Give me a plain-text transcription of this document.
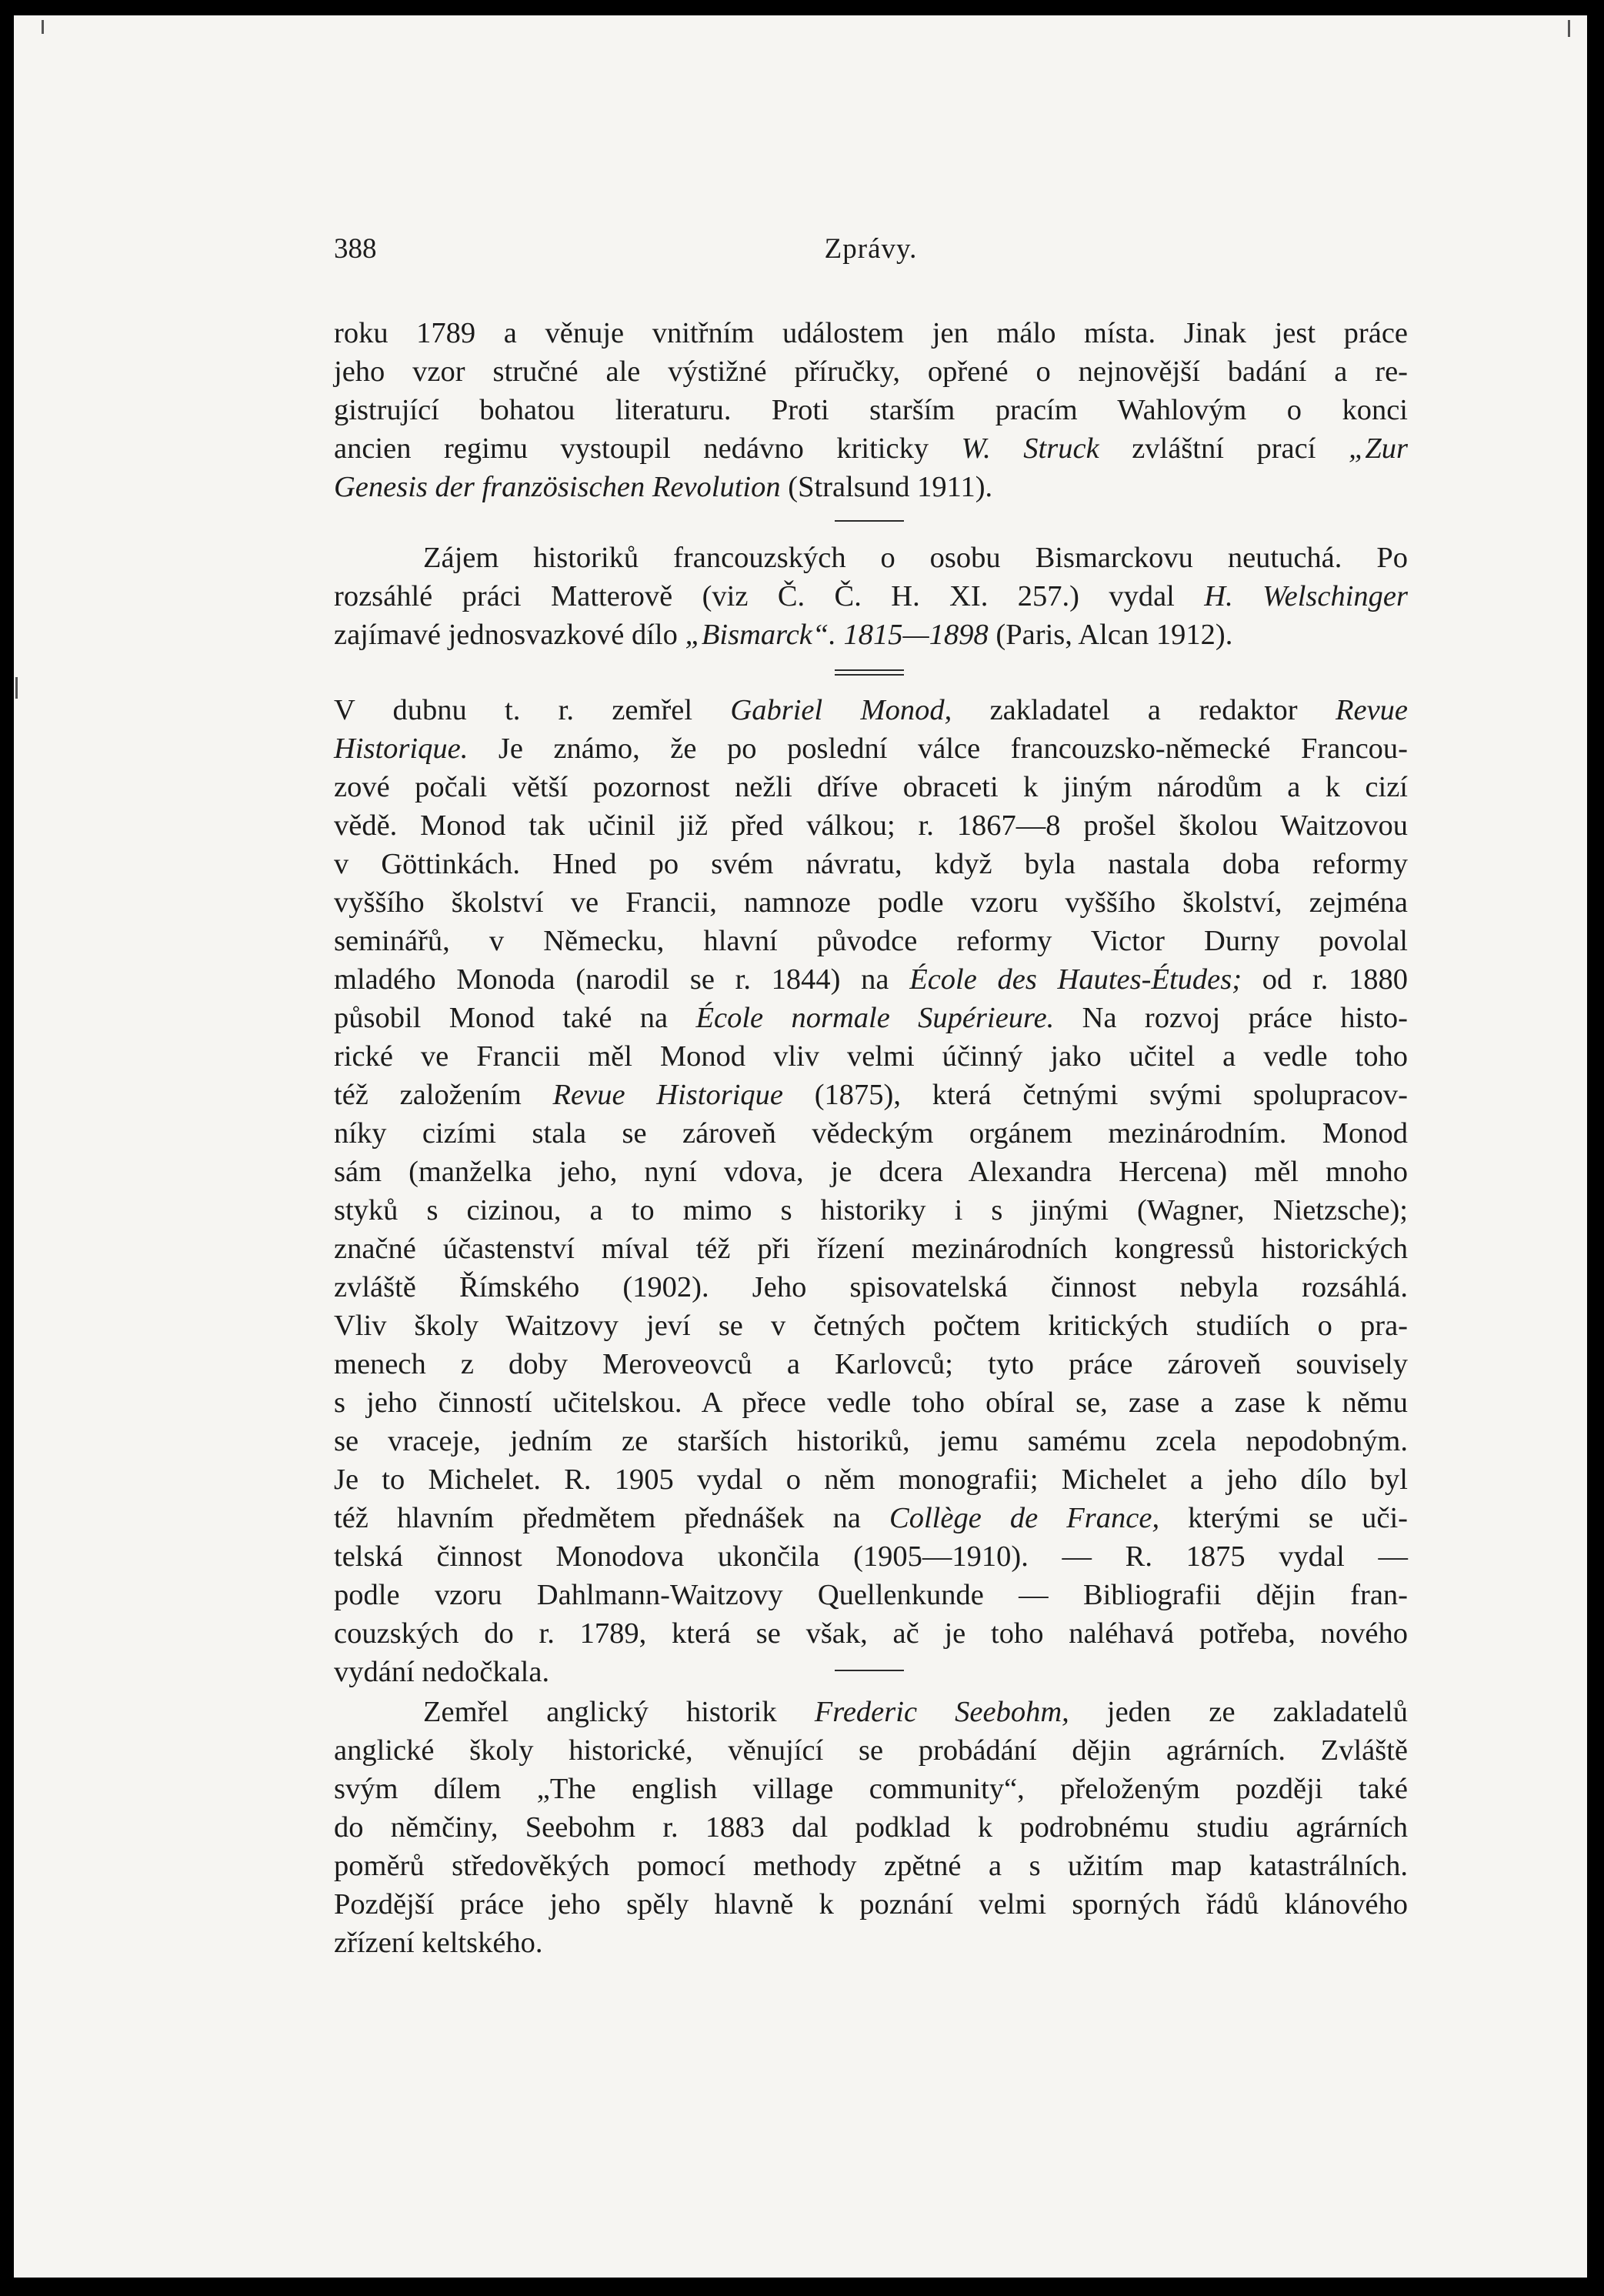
388	Zprávy.

roku 1789 a věnuje vnitřním událostem jen málo místa. Jinak jest práce
jeho vzor stručné ale výstižné příručky, opřené o nejnovější badání a re-
gistrující bohatou literaturu. Proti starším pracím Wahlovým o konci
ancien regimu vystoupil nedávno kriticky W. Struck zvláštní prací „Zur
Genesis der französischen Revolution (Stralsund 1911).

Zájem historiků francouzských o osobu Bismarckovu neutuchá. Po
rozsáhlé práci Matterově (viz Č. Č. H. XI. 257.) vydal H. Welschinger
zajímavé jednosvazkové dílo „Bismarck“. 1815—1898 (Paris, Alcan 1912).

V dubnu t. r. zemřel Gabriel Monod, zakladatel a redaktor Revue
Historique. Je známo, že po poslední válce francouzsko-německé Francou-
zové počali větší pozornost nežli dříve obraceti k jiným národům a k cizí
vědě. Monod tak učinil již před válkou; r. 1867—8 prošel školou Waitzovou
v Göttinkách. Hned po svém návratu, když byla nastala doba reformy
vyššího školství ve Francii, namnoze podle vzoru vyššího školství, zejména
seminářů, v Německu, hlavní původce reformy Victor Durny povolal
mladého Monoda (narodil se r. 1844) na École des Hautes-Études; od r. 1880
působil Monod také na École normale Supérieure. Na rozvoj práce histo-
rické ve Francii měl Monod vliv velmi účinný jako učitel a vedle toho
též založením Revue Historique (1875), která četnými svými spolupracov-
níky cizími stala se zároveň vědeckým orgánem mezinárodním. Monod
sám (manželka jeho, nyní vdova, je dcera Alexandra Hercena) měl mnoho
styků s cizinou, a to mimo s historiky i s jinými (Wagner, Nietzsche);
značné účastenství míval též při řízení mezinárodních kongressů historických
zvláště Římského (1902). Jeho spisovatelská činnost nebyla rozsáhlá.
Vliv školy Waitzovy jeví se v četných počtem kritických studiích o pra-
menech z doby Meroveovců a Karlovců; tyto práce zároveň souvisely
s jeho činností učitelskou. A přece vedle toho obíral se, zase a zase k němu
se vraceje, jedním ze starších historiků, jemu samému zcela nepodobným.
Je to Michelet. R. 1905 vydal o něm monografii; Michelet a jeho dílo byl
též hlavním předmětem přednášek na Collège de France, kterými se uči-
telská činnost Monodova ukončila (1905—1910). — R. 1875 vydal —
podle vzoru Dahlmann-Waitzovy Quellenkunde — Bibliografii dějin fran-
couzských do r. 1789, která se však, ač je toho naléhavá potřeba, nového
vydání nedočkala.

Zemřel anglický historik Frederic Seebohm, jeden ze zakladatelů
anglické školy historické, věnující se probádání dějin agrárních. Zvláště
svým dílem „The english village community“, přeloženým později také
do němčiny, Seebohm r. 1883 dal podklad k podrobnému studiu agrárních
poměrů středověkých pomocí methody zpětné a s užitím map katastrálních.
Pozdější práce jeho spěly hlavně k poznání velmi sporných řádů klánového
zřízení keltského.
